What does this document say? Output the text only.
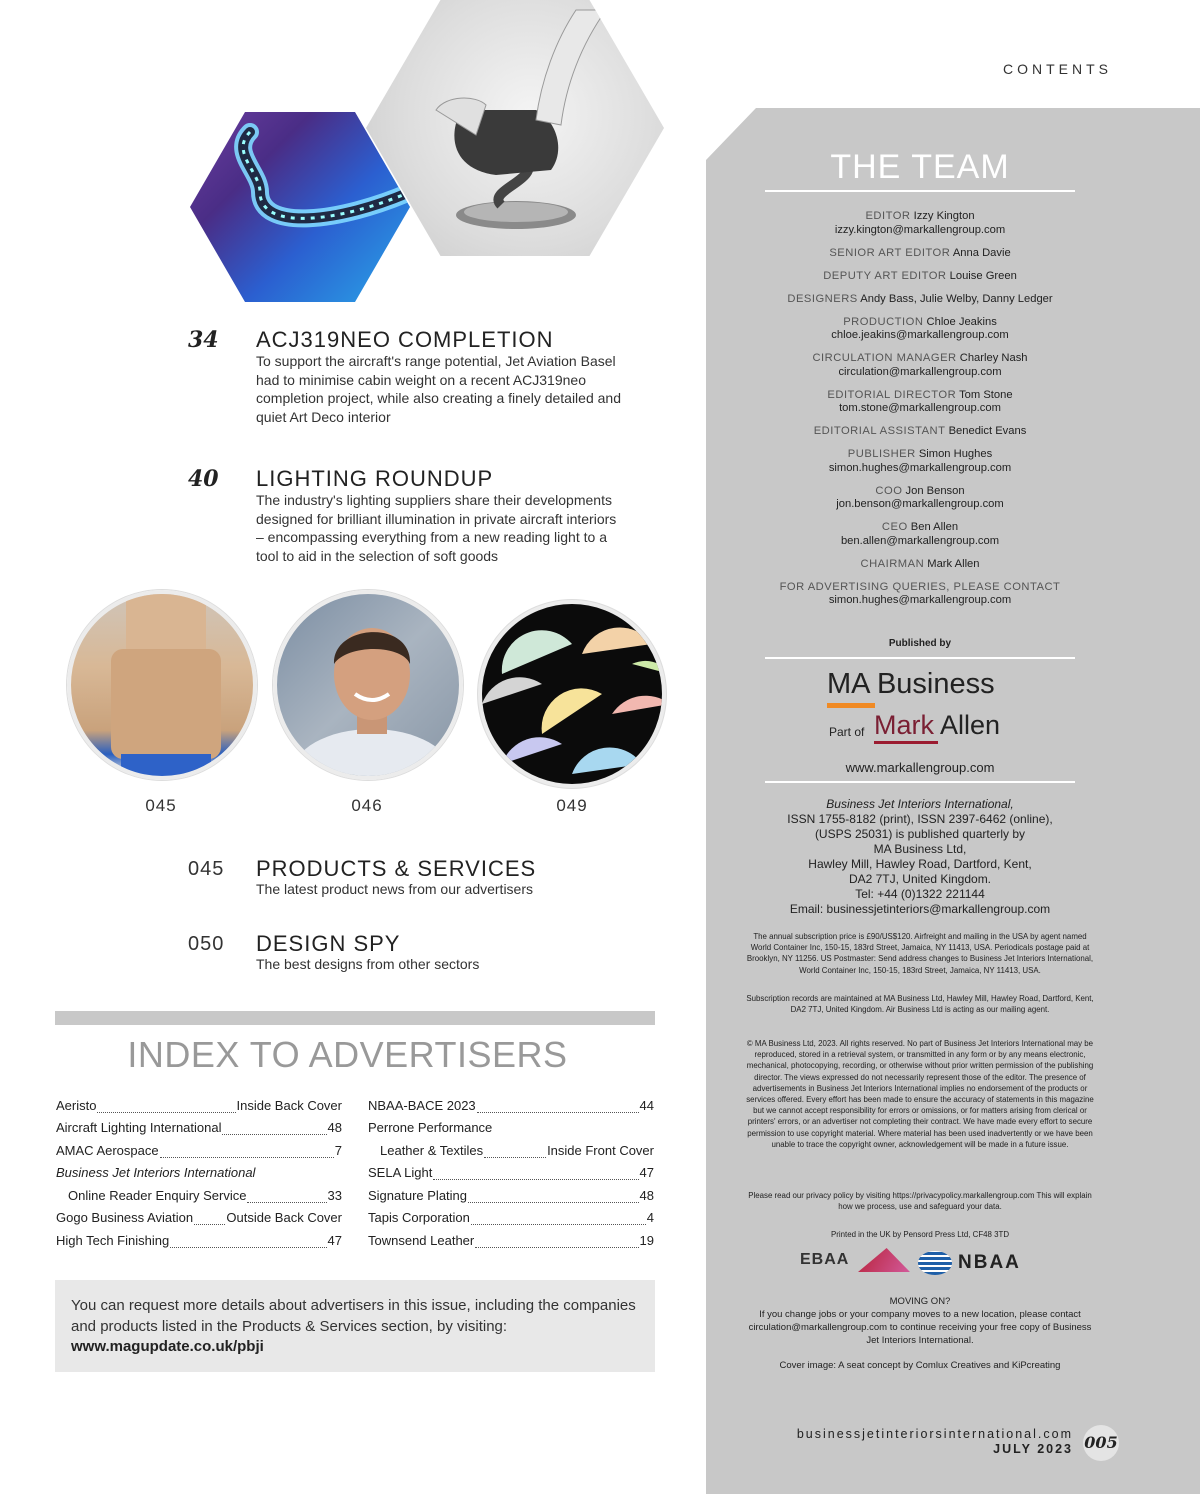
CONTENTS
34 ACJ319NEO COMPLETION
To support the aircraft's range potential, Jet Aviation Basel had to minimise cabin weight on a recent ACJ319neo completion project, while also creating a finely detailed and quiet Art Deco interior
40 LIGHTING ROUNDUP
The industry's lighting suppliers share their developments designed for brilliant illumination in private aircraft interiors – encompassing everything from a new reading light to a tool to aid in the selection of soft goods
045	046	049
045 PRODUCTS & SERVICES
The latest product news from our advertisers
050 DESIGN SPY
The best designs from other sectors
INDEX TO ADVERTISERS
Aeristo	Inside Back Cover
Aircraft Lighting International	48
AMAC Aerospace	7
Business Jet Interiors International
Online Reader Enquiry Service	33
Gogo Business Aviation	Outside Back Cover
High Tech Finishing	47
NBAA-BACE 2023	44
Perrone Performance
Leather & Textiles	Inside Front Cover
SELA Light	47
Signature Plating	48
Tapis Corporation	4
Townsend Leather	19
You can request more details about advertisers in this issue, including the companies and products listed in the Products & Services section, by visiting: www.magupdate.co.uk/pbji
THE TEAM
EDITOR Izzy Kington
izzy.kington@markallengroup.com
SENIOR ART EDITOR Anna Davie
DEPUTY ART EDITOR Louise Green
DESIGNERS Andy Bass, Julie Welby, Danny Ledger
PRODUCTION Chloe Jeakins
chloe.jeakins@markallengroup.com
CIRCULATION MANAGER Charley Nash
circulation@markallengroup.com
EDITORIAL DIRECTOR Tom Stone
tom.stone@markallengroup.com
EDITORIAL ASSISTANT Benedict Evans
PUBLISHER Simon Hughes
simon.hughes@markallengroup.com
COO Jon Benson
jon.benson@markallengroup.com
CEO Ben Allen
ben.allen@markallengroup.com
CHAIRMAN Mark Allen
FOR ADVERTISING QUERIES, PLEASE CONTACT
simon.hughes@markallengroup.com
Published by
MA Business
Part of Mark Allen
www.markallengroup.com
Business Jet Interiors International,
ISSN 1755-8182 (print), ISSN 2397-6462 (online),
(USPS 25031) is published quarterly by
MA Business Ltd,
Hawley Mill, Hawley Road, Dartford, Kent,
DA2 7TJ, United Kingdom.
Tel: +44 (0)1322 221144
Email: businessjetinteriors@markallengroup.com
The annual subscription price is £90/US$120. Airfreight and mailing in the USA by agent named World Container Inc, 150-15, 183rd Street, Jamaica, NY 11413, USA. Periodicals postage paid at Brooklyn, NY 11256. US Postmaster: Send address changes to Business Jet Interiors International, World Container Inc, 150-15, 183rd Street, Jamaica, NY 11413, USA.
Subscription records are maintained at MA Business Ltd, Hawley Mill, Hawley Road, Dartford, Kent, DA2 7TJ, United Kingdom. Air Business Ltd is acting as our mailing agent.
© MA Business Ltd, 2023. All rights reserved. No part of Business Jet Interiors International may be reproduced, stored in a retrieval system, or transmitted in any form or by any means electronic, mechanical, photocopying, recording, or otherwise without prior written permission of the publishing director. The views expressed do not necessarily represent those of the editor. The presence of advertisements in Business Jet Interiors International implies no endorsement of the products or services offered. Every effort has been made to ensure the accuracy of statements in this magazine but we cannot accept responsibility for errors or omissions, or for matters arising from clerical or printers' errors, or an advertiser not completing their contract. We have made every effort to secure permission to use copyright material. Where material has been used inadvertently or we have been unable to trace the copyright owner, acknowledgement will be made in a future issue.
Please read our privacy policy by visiting https://privacypolicy.markallengroup.com This will explain how we process, use and safeguard your data.
Printed in the UK by Pensord Press Ltd, CF48 3TD
EBAA	NBAA
MOVING ON?
If you change jobs or your company moves to a new location, please contact circulation@markallengroup.com to continue receiving your free copy of Business Jet Interiors International.
Cover image: A seat concept by Comlux Creatives and KiPcreating
businessjetinteriorsinternational.com
JULY 2023 005
